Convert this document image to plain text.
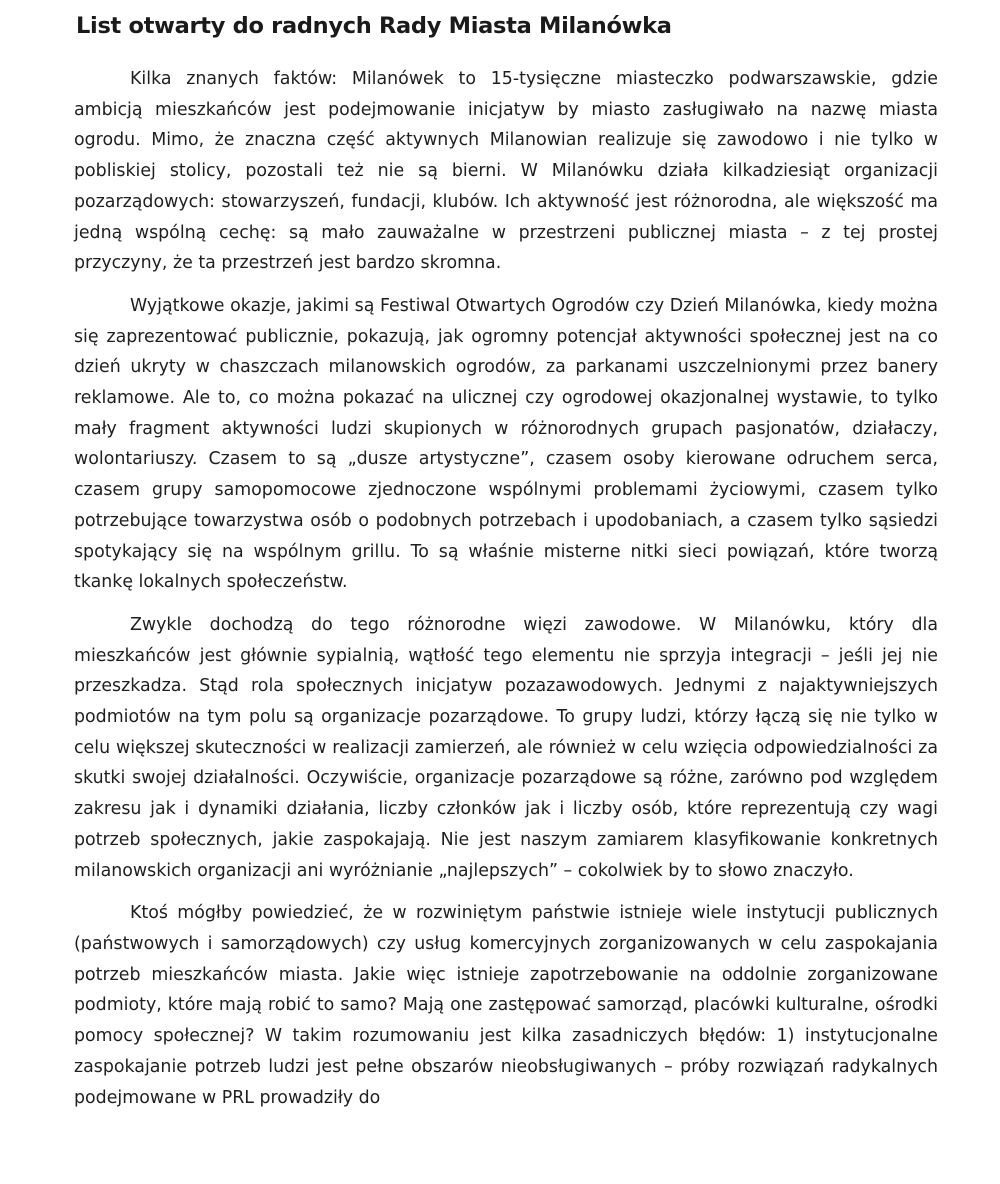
List otwarty do radnych Rady Miasta Milanówka

Kilka znanych faktów: Milanówek to 15-tysięczne miasteczko podwarszawskie, gdzie ambicją mieszkańców jest podejmowanie inicjatyw by miasto zasługiwało na nazwę miasta ogrodu. Mimo, że znaczna część aktywnych Milanowian realizuje się zawodowo i nie tylko w pobliskiej stolicy, pozostali też nie są bierni. W Milanówku działa kilkadziesiąt organizacji pozarządowych: stowarzyszeń, fundacji, klubów. Ich aktywność jest różnorodna, ale większość ma jedną wspólną cechę: są mało zauważalne w przestrzeni publicznej miasta – z tej prostej przyczyny, że ta przestrzeń jest bardzo skromna.

Wyjątkowe okazje, jakimi są Festiwal Otwartych Ogrodów czy Dzień Milanówka, kiedy można się zaprezentować publicznie, pokazują, jak ogromny potencjał aktywności społecznej jest na co dzień ukryty w chaszczach milanowskich ogrodów, za parkanami uszczelnionymi przez banery reklamowe. Ale to, co można pokazać na ulicznej czy ogrodowej okazjonalnej wystawie, to tylko mały fragment aktywności ludzi skupionych w różnorodnych grupach pasjonatów, działaczy, wolontariuszy. Czasem to są „dusze artystyczne”, czasem osoby kierowane odruchem serca, czasem grupy samopomocowe zjednoczone wspólnymi problemami życiowymi, czasem tylko potrzebujące towarzystwa osób o podobnych potrzebach i upodobaniach, a czasem tylko sąsiedzi spotykający się na wspólnym grillu. To są właśnie misterne nitki sieci powiązań, które tworzą tkankę lokalnych społeczeństw.

Zwykle dochodzą do tego różnorodne więzi zawodowe. W Milanówku, który dla mieszkańców jest głównie sypialnią, wątłość tego elementu nie sprzyja integracji – jeśli jej nie przeszkadza. Stąd rola społecznych inicjatyw pozazawodowych. Jednymi z najaktywniejszych podmiotów na tym polu są organizacje pozarządowe. To grupy ludzi, którzy łączą się nie tylko w celu większej skuteczności w realizacji zamierzeń, ale również w celu wzięcia odpowiedzialności za skutki swojej działalności. Oczywiście, organizacje pozarządowe są różne, zarówno pod względem zakresu jak i dynamiki działania, liczby członków jak i liczby osób, które reprezentują czy wagi potrzeb społecznych, jakie zaspokajają. Nie jest naszym zamiarem klasyfikowanie konkretnych milanowskich organizacji ani wyróżnianie „najlepszych” – cokolwiek by to słowo znaczyło.

Ktoś mógłby powiedzieć, że w rozwiniętym państwie istnieje wiele instytucji publicznych (państwowych i samorządowych) czy usług komercyjnych zorganizowanych w celu zaspokajania potrzeb mieszkańców miasta. Jakie więc istnieje zapotrzebowanie na oddolnie zorganizowane podmioty, które mają robić to samo? Mają one zastępować samorząd, placówki kulturalne, ośrodki pomocy społecznej? W takim rozumowaniu jest kilka zasadniczych błędów: 1) instytucjonalne zaspokajanie potrzeb ludzi jest pełne obszarów nieobsługiwanych – próby rozwiązań radykalnych podejmowane w PRL prowadziły do
